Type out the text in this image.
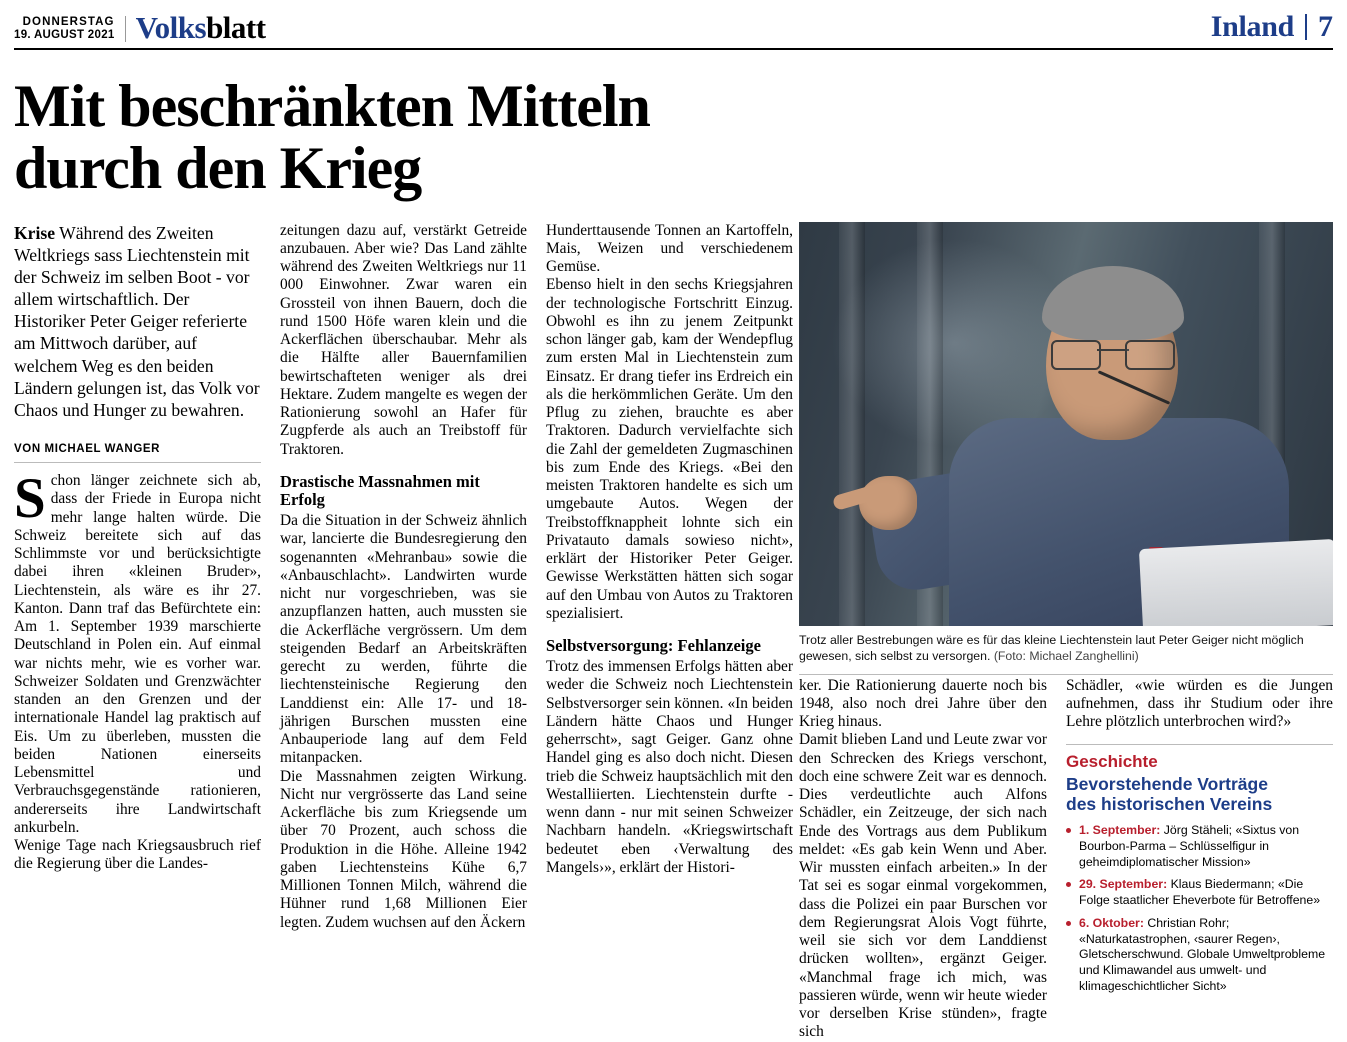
DONNERSTAG
19. AUGUST 2021 Volksblatt	Inland 7
Mit beschränkten Mitteln durch den Krieg

Krise Während des Zweiten Weltkriegs sass Liechtenstein mit der Schweiz im selben Boot - vor allem wirtschaftlich. Der Historiker Peter Geiger referierte am Mittwoch darüber, auf welchem Weg es den beiden Ländern gelungen ist, das Volk vor Chaos und Hunger zu bewahren.

VON MICHAEL WANGER

Schon länger zeichnete sich ab, dass der Friede in Europa nicht mehr lange halten würde. Die Schweiz bereitete sich auf das Schlimmste vor und berücksichtigte dabei ihren «kleinen Bruder», Liechtenstein, als wäre es ihr 27. Kanton. Dann traf das Befürchtete ein: Am 1. September 1939 marschierte Deutschland in Polen ein. Auf einmal war nichts mehr, wie es vorher war. Schweizer Soldaten und Grenzwächter standen an den Grenzen und der internationale Handel lag praktisch auf Eis. Um zu überleben, mussten die beiden Nationen einerseits Lebensmittel und Verbrauchsgegenstände rationieren, andererseits ihre Landwirtschaft ankurbeln.

Wenige Tage nach Kriegsausbruch rief die Regierung über die Landes-

zeitungen dazu auf, verstärkt Getreide anzubauen. Aber wie? Das Land zählte während des Zweiten Weltkriegs nur 11 000 Einwohner. Zwar waren ein Grossteil von ihnen Bauern, doch die rund 1500 Höfe waren klein und die Ackerflächen überschaubar. Mehr als die Hälfte aller Bauernfamilien bewirtschafteten weniger als drei Hektare. Zudem mangelte es wegen der Rationierung sowohl an Hafer für Zugpferde als auch an Treibstoff für Traktoren.

Drastische Massnahmen mit Erfolg

Da die Situation in der Schweiz ähnlich war, lancierte die Bundesregierung den sogenannten «Mehranbau» sowie die «Anbauschlacht». Landwirten wurde nicht nur vorgeschrieben, was sie anzupflanzen hatten, auch mussten sie die Ackerfläche vergrössern. Um dem steigenden Bedarf an Arbeitskräften gerecht zu werden, führte die liechtensteinische Regierung den Landdienst ein: Alle 17- und 18-jährigen Burschen mussten eine Anbauperiode lang auf dem Feld mitanpacken.

Die Massnahmen zeigten Wirkung. Nicht nur vergrösserte das Land seine Ackerfläche bis zum Kriegsende um über 70 Prozent, auch schoss die Produktion in die Höhe. Alleine 1942 gaben Liechtensteins Kühe 6,7 Millionen Tonnen Milch, während die Hühner rund 1,68 Millionen Eier legten. Zudem wuchsen auf den Äckern

Hunderttausende Tonnen an Kartoffeln, Mais, Weizen und verschiedenem Gemüse.

Ebenso hielt in den sechs Kriegsjahren der technologische Fortschritt Einzug. Obwohl es ihn zu jenem Zeitpunkt schon länger gab, kam der Wendepflug zum ersten Mal in Liechtenstein zum Einsatz. Er drang tiefer ins Erdreich ein als die herkömmlichen Geräte. Um den Pflug zu ziehen, brauchte es aber Traktoren. Dadurch vervielfachte sich die Zahl der gemeldeten Zugmaschinen bis zum Ende des Kriegs. «Bei den meisten Traktoren handelte es sich um umgebaute Autos. Wegen der Treibstoffknappheit lohnte sich ein Privatauto damals sowieso nicht», erklärt der Historiker Peter Geiger. Gewisse Werkstätten hätten sich sogar auf den Umbau von Autos zu Traktoren spezialisiert.

Selbstversorgung: Fehlanzeige

Trotz des immensen Erfolgs hätten aber weder die Schweiz noch Liechtenstein Selbstversorger sein können. «In beiden Ländern hätte Chaos und Hunger geherrscht», sagt Geiger. Ganz ohne Handel ging es also doch nicht. Diesen trieb die Schweiz hauptsächlich mit den Westalliierten. Liechtenstein durfte - wenn dann - nur mit seinen Schweizer Nachbarn handeln. «Kriegswirtschaft bedeutet eben ‹Verwaltung des Mangels›», erklärt der Histori-

Trotz aller Bestrebungen wäre es für das kleine Liechtenstein laut Peter Geiger nicht möglich gewesen, sich selbst zu versorgen. (Foto: Michael Zanghellini)

ker. Die Rationierung dauerte noch bis 1948, also noch drei Jahre über den Krieg hinaus.

Damit blieben Land und Leute zwar vor den Schrecken des Kriegs verschont, doch eine schwere Zeit war es dennoch. Dies verdeutlichte auch Alfons Schädler, ein Zeitzeuge, der sich nach Ende des Vortrags aus dem Publikum meldet: «Es gab kein Wenn und Aber. Wir mussten einfach arbeiten.» In der Tat sei es sogar einmal vorgekommen, dass die Polizei ein paar Burschen vor dem Regierungsrat Alois Vogt führte, weil sie sich vor dem Landdienst drücken wollten», ergänzt Geiger. «Manchmal frage ich mich, was passieren würde, wenn wir heute wieder vor derselben Krise stünden», fragte sich

Schädler, «wie würden es die Jungen aufnehmen, dass ihr Studium oder ihre Lehre plötzlich unterbrochen wird?»

Geschichte
Bevorstehende Vorträge
des historischen Vereins
1. September: Jörg Stäheli; «Sixtus von Bourbon-Parma – Schlüsselfigur in geheimdiplomatischer Mission»
29. September: Klaus Biedermann; «Die Folge staatlicher Eheverbote für Betroffene»
6. Oktober: Christian Rohr; «Naturkatastrophen, ‹saurer Regen›, Gletscherschwund. Globale Umweltprobleme und Klimawandel aus umwelt- und klimageschichtlicher Sicht»
